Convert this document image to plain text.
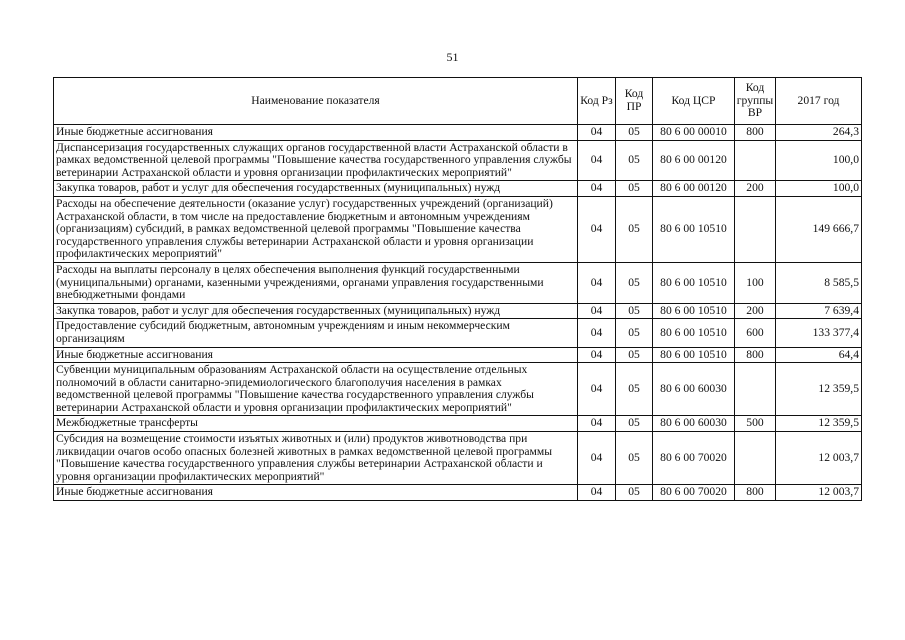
51
Наименование показателя	Код Рз	Код ПР	Код ЦСР	Код группы ВР	2017 год
Иные бюджетные ассигнования	04	05	80 6 00 00010	800	264,3
Диспансеризация государственных служащих органов государственной власти Астраханской области в рамках ведомственной целевой программы "Повышение качества государственного управления службы ветеринарии Астраханской области и уровня организации профилактических мероприятий"	04	05	80 6 00 00120		100,0
Закупка товаров, работ и услуг для обеспечения государственных (муниципальных) нужд	04	05	80 6 00 00120	200	100,0
Расходы на обеспечение деятельности (оказание услуг) государственных учреждений (организаций) Астраханской области, в том числе на предоставление бюджетным и автономным учреждениям (организациям) субсидий, в рамках ведомственной целевой программы "Повышение качества государственного управления службы ветеринарии Астраханской области и уровня организации профилактических мероприятий"	04	05	80 6 00 10510		149 666,7
Расходы на выплаты персоналу в целях обеспечения выполнения функций государственными (муниципальными) органами, казенными учреждениями, органами управления государственными внебюджетными фондами	04	05	80 6 00 10510	100	8 585,5
Закупка товаров, работ и услуг для обеспечения государственных (муниципальных) нужд	04	05	80 6 00 10510	200	7 639,4
Предоставление субсидий бюджетным, автономным учреждениям и иным некоммерческим организациям	04	05	80 6 00 10510	600	133 377,4
Иные бюджетные ассигнования	04	05	80 6 00 10510	800	64,4
Субвенции муниципальным образованиям Астраханской области на осуществление отдельных полномочий в области санитарно-эпидемиологического благополучия населения в рамках ведомственной целевой программы "Повышение качества государственного управления службы ветеринарии Астраханской области и уровня организации профилактических мероприятий"	04	05	80 6 00 60030		12 359,5
Межбюджетные трансферты	04	05	80 6 00 60030	500	12 359,5
Субсидия на возмещение стоимости изъятых животных и (или) продуктов животноводства при ликвидации очагов особо опасных болезней животных в рамках ведомственной целевой программы "Повышение качества государственного управления службы ветеринарии Астраханской области и уровня организации профилактических мероприятий"	04	05	80 6 00 70020		12 003,7
Иные бюджетные ассигнования	04	05	80 6 00 70020	800	12 003,7
